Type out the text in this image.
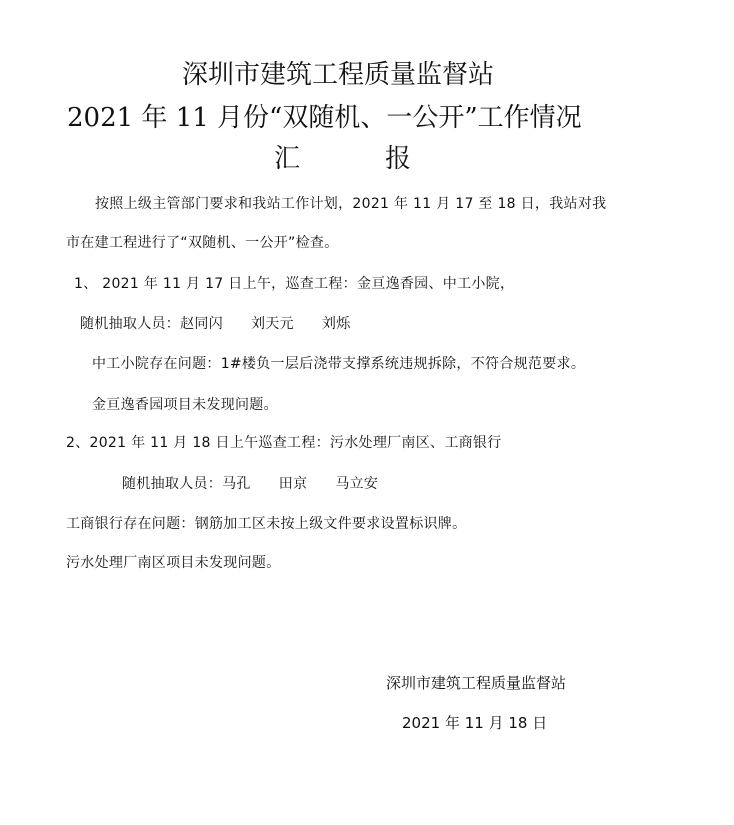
深圳市建筑工程质量监督站
2021 年 11 月份“双随机、一公开”工作情况
汇	报
按照上级主管部门要求和我站工作计划，2021 年 11 月 17 至 18 日，我站对我
市在建工程进行了“双随机、一公开”检查。
1、 2021 年 11 月 17 日上午，巡查工程：金亘逸香园、中工小院，
随机抽取人员：赵同闪 刘天元 刘烁
中工小院存在问题：1#楼负一层后浇带支撑系统违规拆除，不符合规范要求。
金亘逸香园项目未发现问题。
2、2021 年 11 月 18 日上午巡查工程：污水处理厂南区、工商银行
随机抽取人员：马孔 田京 马立安
工商银行存在问题：钢筋加工区未按上级文件要求设置标识牌。
污水处理厂南区项目未发现问题。
深圳市建筑工程质量监督站
2021 年 11 月 18 日
